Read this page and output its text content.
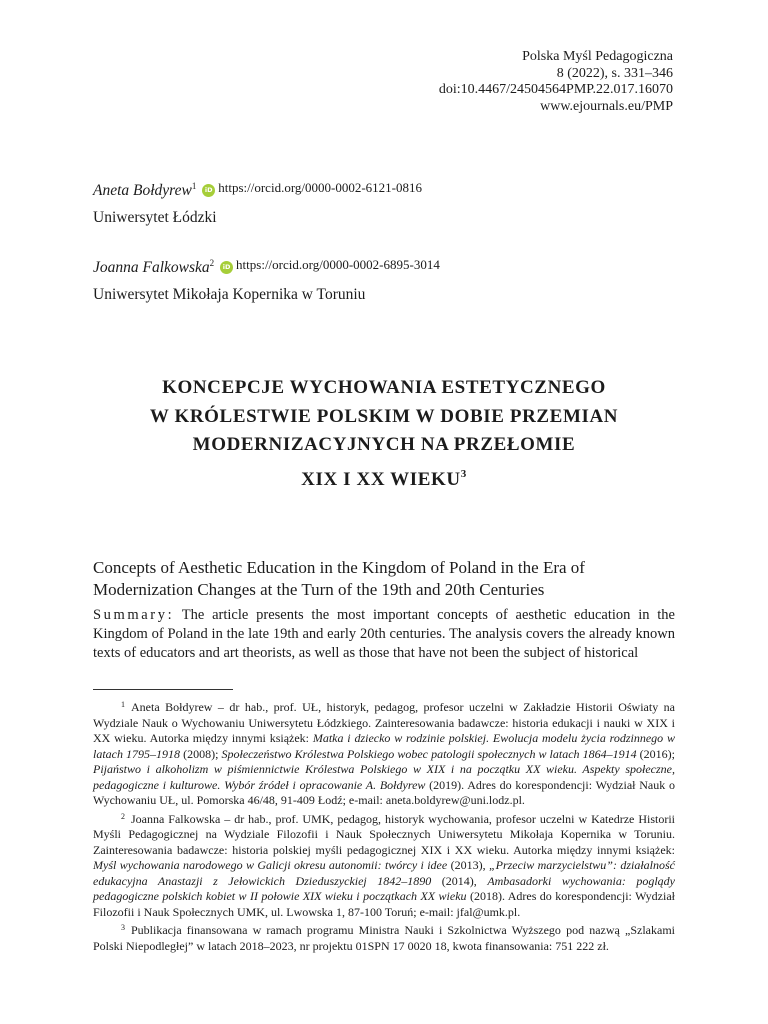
Polska Myśl Pedagogiczna
8 (2022), s. 331–346
doi:10.4467/24504564PMP.22.017.16070
www.ejournals.eu/PMP
Aneta Bołdyrew$^1$ iD https://orcid.org/0000-0002-6121-0816
Uniwersytet Łódzki
Joanna Falkowska$^2$ iD https://orcid.org/0000-0002-6895-3014
Uniwersytet Mikołaja Kopernika w Toruniu
KONCEPCJE WYCHOWANIA ESTETYCZNEGO
W KRÓLESTWIE POLSKIM W DOBIE PRZEMIAN
MODERNIZACYJNYCH NA PRZEŁOMIE
XIX I XX WIEKU$^3$
Concepts of Aesthetic Education in the Kingdom of Poland in the Era of Modernization Changes at the Turn of the 19th and 20th Centuries
Summary: The article presents the most important concepts of aesthetic education in the Kingdom of Poland in the late 19th and early 20th centuries. The analysis covers the already known texts of educators and art theorists, as well as those that have not been the subject of historical

$^1$ Aneta Bołdyrew – dr hab., prof. UŁ, historyk, pedagog, profesor uczelni w Zakładzie Historii Oświaty na Wydziale Nauk o Wychowaniu Uniwersytetu Łódzkiego. Zainteresowania badawcze: historia edukacji i nauki w XIX i XX wieku. Autorka między innymi książek: Matka i dziecko w rodzinie polskiej. Ewolucja modelu życia rodzinnego w latach 1795–1918 (2008); Społeczeństwo Królestwa Polskiego wobec patologii społecznych w latach 1864–1914 (2016); Pijaństwo i alkoholizm w piśmiennictwie Królestwa Polskiego w XIX i na początku XX wieku. Aspekty społeczne, pedagogiczne i kulturowe. Wybór źródeł i opracowanie A. Bołdyrew (2019). Adres do korespondencji: Wydział Nauk o Wychowaniu UŁ, ul. Pomorska 46/48, 91-409 Łodź; e-mail: aneta.boldyrew@uni.lodz.pl.

$^2$ Joanna Falkowska – dr hab., prof. UMK, pedagog, historyk wychowania, profesor uczelni w Katedrze Historii Myśli Pedagogicznej na Wydziale Filozofii i Nauk Społecznych Uniwersytetu Mikołaja Kopernika w Toruniu. Zainteresowania badawcze: historia polskiej myśli pedagogicznej XIX i XX wieku. Autorka między innymi książek: Myśl wychowania narodowego w Galicji okresu autonomii: twórcy i idee (2013), „Przeciw marzycielstwu”: działalność edukacyjna Anastazji z Jełowickich Dzieduszyckiej 1842–1890 (2014), Ambasadorki wychowania: poglądy pedagogiczne polskich kobiet w II połowie XIX wieku i początkach XX wieku (2018). Adres do korespondencji: Wydział Filozofii i Nauk Społecznych UMK, ul. Lwowska 1, 87-100 Toruń; e-mail: jfal@umk.pl.

$^3$ Publikacja finansowana w ramach programu Ministra Nauki i Szkolnictwa Wyższego pod nazwą „Szlakami Polski Niepodległej” w latach 2018–2023, nr projektu 01SPN 17 0020 18, kwota finansowania: 751 222 zł.
